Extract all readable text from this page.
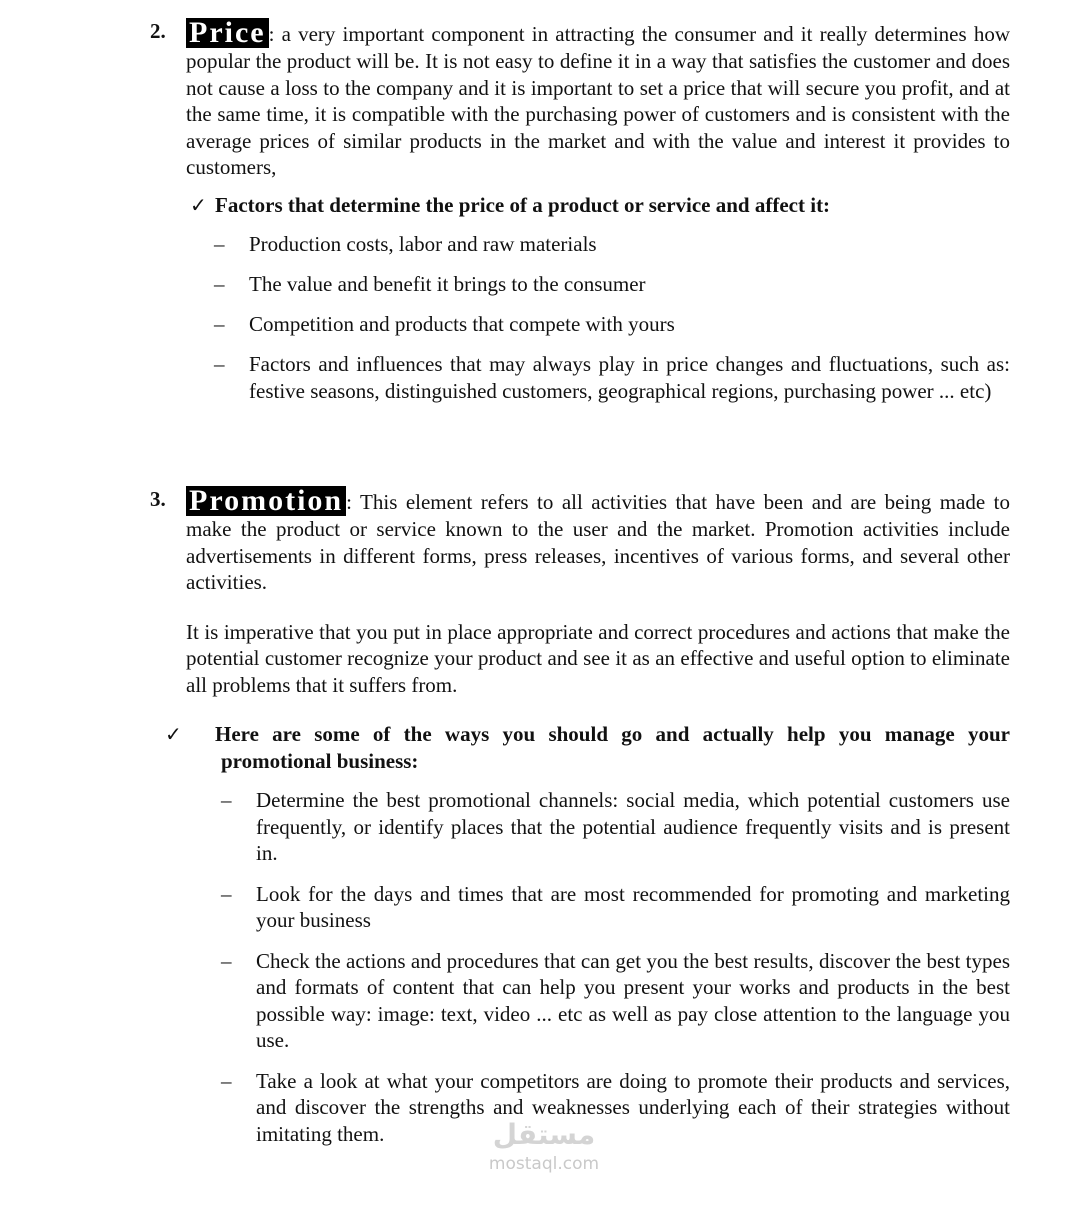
2. Price : a very important component in attracting the consumer and it really determines how popular the product will be. It is not easy to define it in a way that satisfies the customer and does not cause a loss to the company and it is important to set a price that will secure you profit, and at the same time, it is compatible with the purchasing power of customers and is consistent with the average prices of similar products in the market and with the value and interest it provides to customers,
✓ Factors that determine the price of a product or service and affect it:
– Production costs, labor and raw materials
– The value and benefit it brings to the consumer
– Competition and products that compete with yours
– Factors and influences that may always play in price changes and fluctuations, such as: festive seasons, distinguished customers, geographical regions, purchasing power ... etc)
3. Promotion : This element refers to all activities that have been and are being made to make the product or service known to the user and the market. Promotion activities include advertisements in different forms, press releases, incentives of various forms, and several other activities.

It is imperative that you put in place appropriate and correct procedures and actions that make the potential customer recognize your product and see it as an effective and useful option to eliminate all problems that it suffers from.

✓ Here are some of the ways you should go and actually help you manage your promotional business:
– Determine the best promotional channels: social media, which potential customers use frequently, or identify places that the potential audience frequently visits and is present in.
– Look for the days and times that are most recommended for promoting and marketing your business
– Check the actions and procedures that can get you the best results, discover the best types and formats of content that can help you present your works and products in the best possible way: image: text, video ... etc as well as pay close attention to the language you use.
– Take a look at what your competitors are doing to promote their products and services, and discover the strengths and weaknesses underlying each of their strategies without imitating them.	مستقل
mostaql.com
